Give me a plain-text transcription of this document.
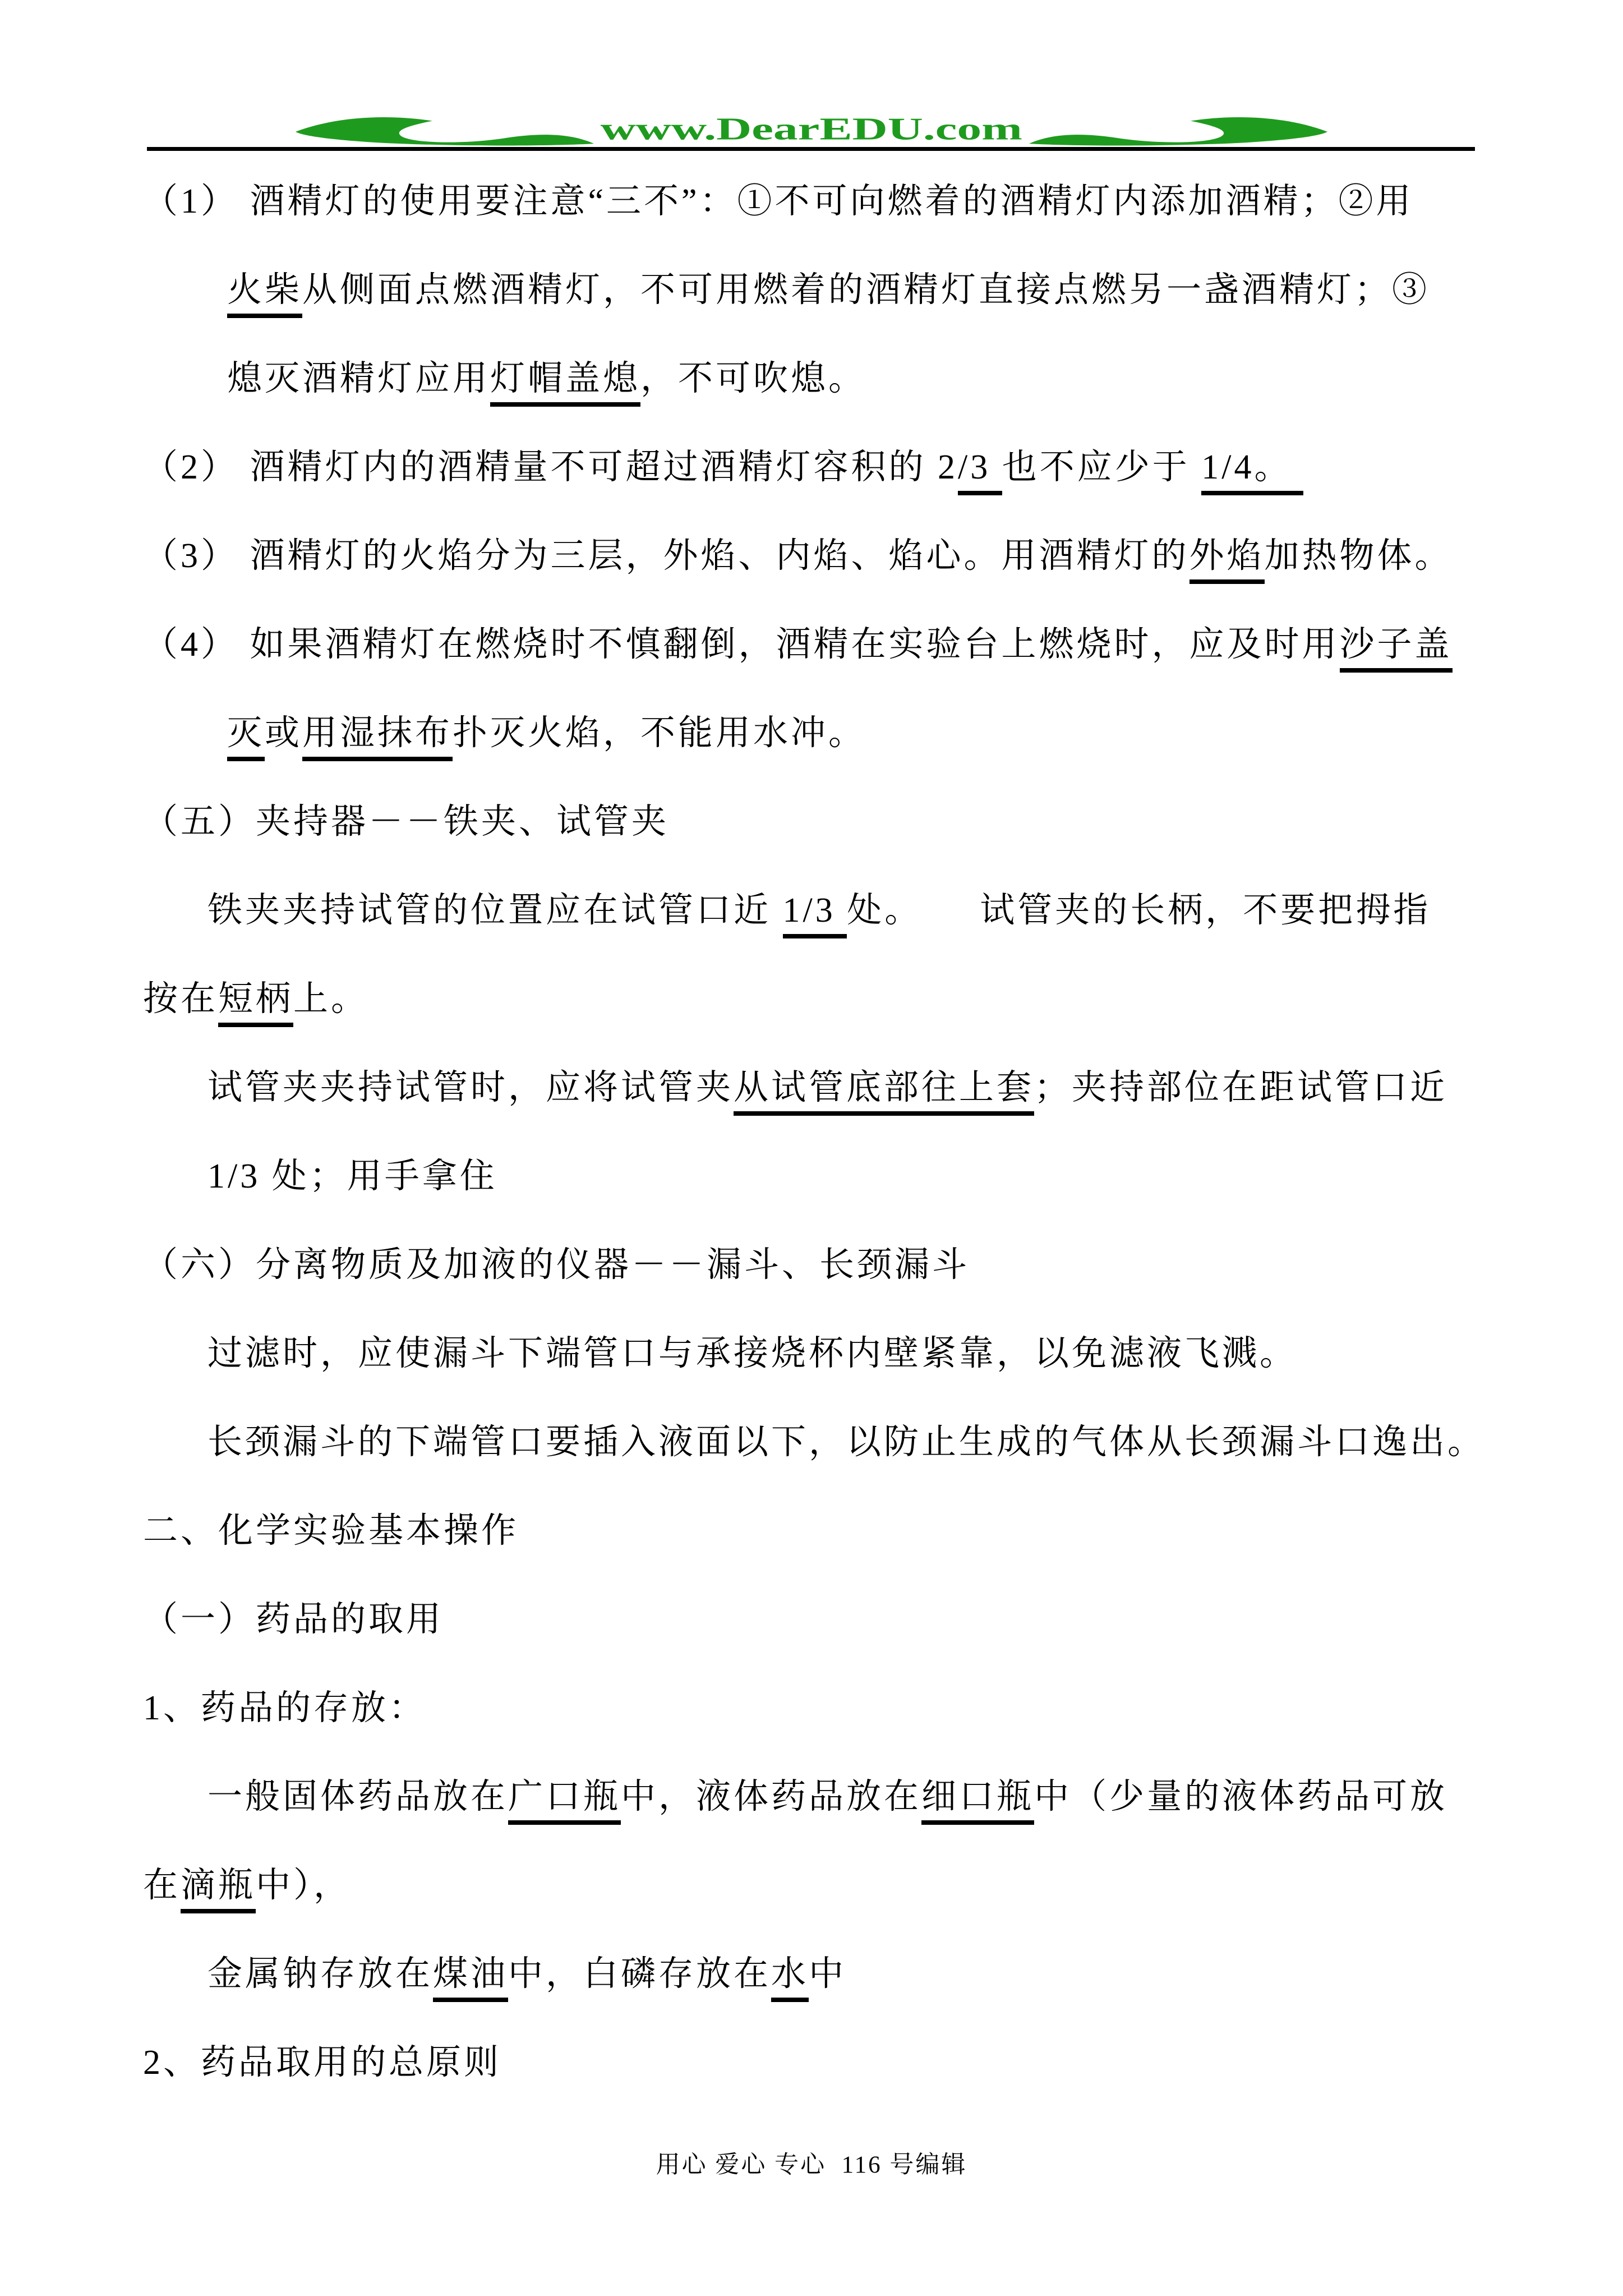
www.DearEDU.com
（1） 酒精灯的使用要注意“三不”：①不可向燃着的酒精灯内添加酒精；②用
火柴从侧面点燃酒精灯，不可用燃着的酒精灯直接点燃另一盏酒精灯；③
熄灭酒精灯应用灯帽盖熄，不可吹熄。
（2） 酒精灯内的酒精量不可超过酒精灯容积的 2/3 也不应少于 1/4。
（3） 酒精灯的火焰分为三层，外焰、内焰、焰心。用酒精灯的外焰加热物体。
（4） 如果酒精灯在燃烧时不慎翻倒，酒精在实验台上燃烧时，应及时用沙子盖
灭或用湿抹布扑灭火焰，不能用水冲。
（五）夹持器－－铁夹、试管夹
铁夹夹持试管的位置应在试管口近 1/3 处。　　试管夹的长柄，不要把拇指
按在短柄上。
试管夹夹持试管时，应将试管夹从试管底部往上套；夹持部位在距试管口近
1/3 处；用手拿住
（六）分离物质及加液的仪器－－漏斗、长颈漏斗
过滤时，应使漏斗下端管口与承接烧杯内壁紧靠，以免滤液飞溅。
长颈漏斗的下端管口要插入液面以下，以防止生成的气体从长颈漏斗口逸出。
二、化学实验基本操作
（一）药品的取用
1、药品的存放：
一般固体药品放在广口瓶中，液体药品放在细口瓶中（少量的液体药品可放
在滴瓶中），
金属钠存放在煤油中，白磷存放在水中
2、药品取用的总原则
用心 爱心 专心  116 号编辑
